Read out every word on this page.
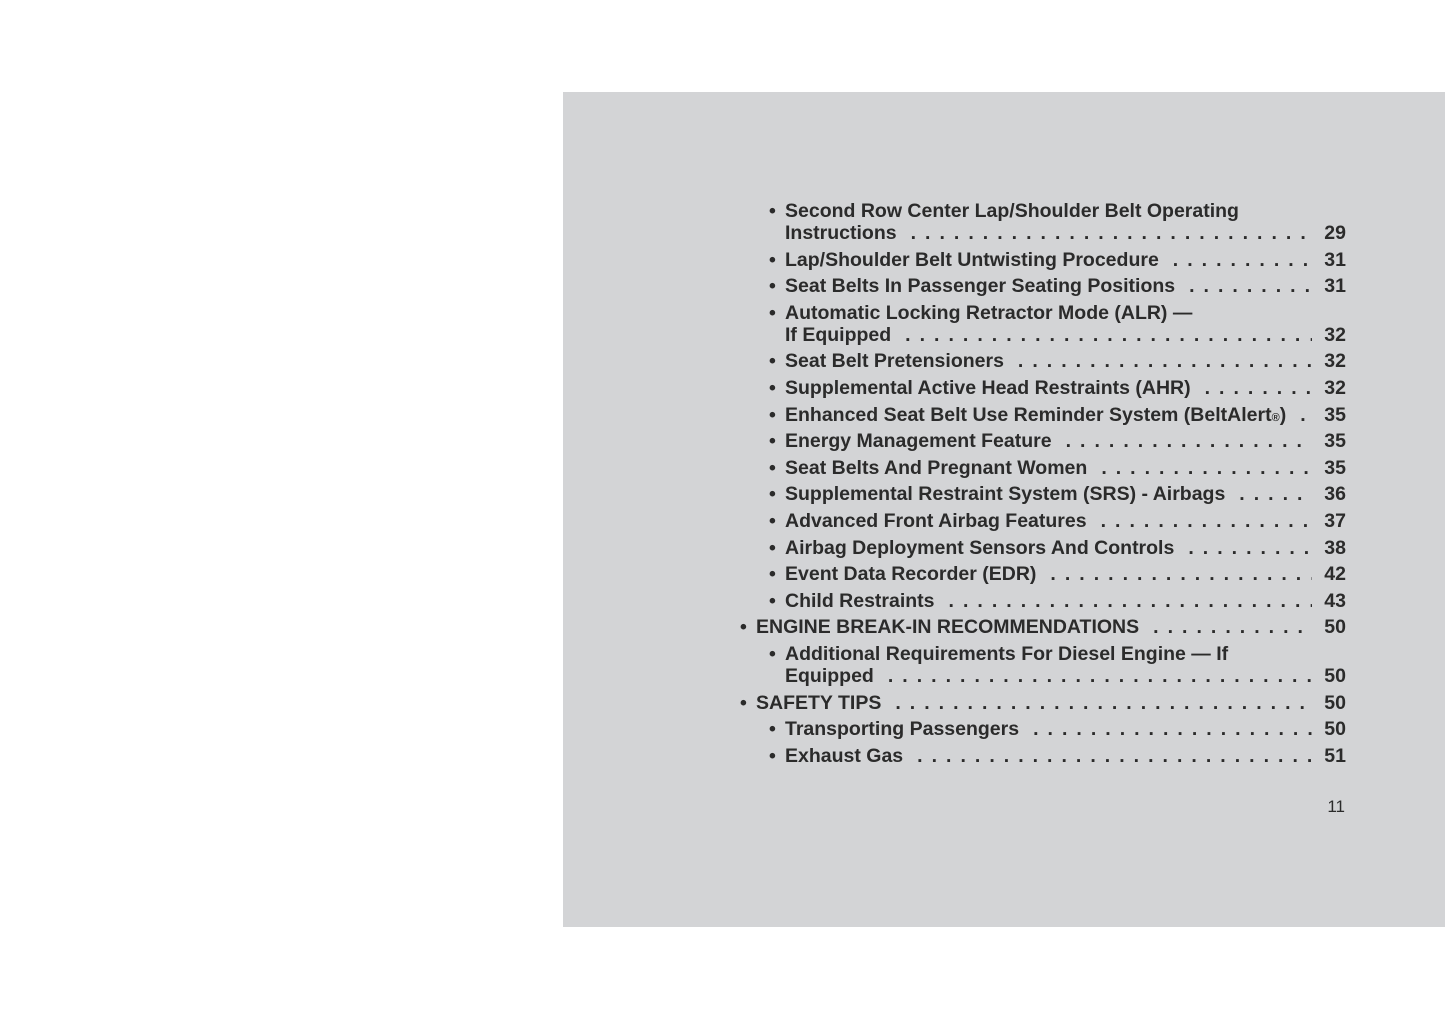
• Second Row Center Lap/Shoulder Belt Operating
Instructions . . .	29
• Lap/Shoulder Belt Untwisting Procedure . . .	31
• Seat Belts In Passenger Seating Positions . . .	31
• Automatic Locking Retractor Mode (ALR) —
If Equipped . . .	32
• Seat Belt Pretensioners . . .	32
• Supplemental Active Head Restraints (AHR) . . .	32
• Enhanced Seat Belt Use Reminder System (BeltAlert ® ) . . . 35
• Energy Management Feature . . .	35
• Seat Belts And Pregnant Women . . .	35
• Supplemental Restraint System (SRS) - Airbags . . .	36
• Advanced Front Airbag Features . . .	37
• Airbag Deployment Sensors And Controls . . .	38
• Event Data Recorder (EDR) . . .	42
• Child Restraints . . .	43
• ENGINE BREAK-IN RECOMMENDATIONS . . .	50
• Additional Requirements For Diesel Engine — If
Equipped . . .	50
• SAFETY TIPS . . .	50
• Transporting Passengers . . .	50
• Exhaust Gas . . .	51
11
